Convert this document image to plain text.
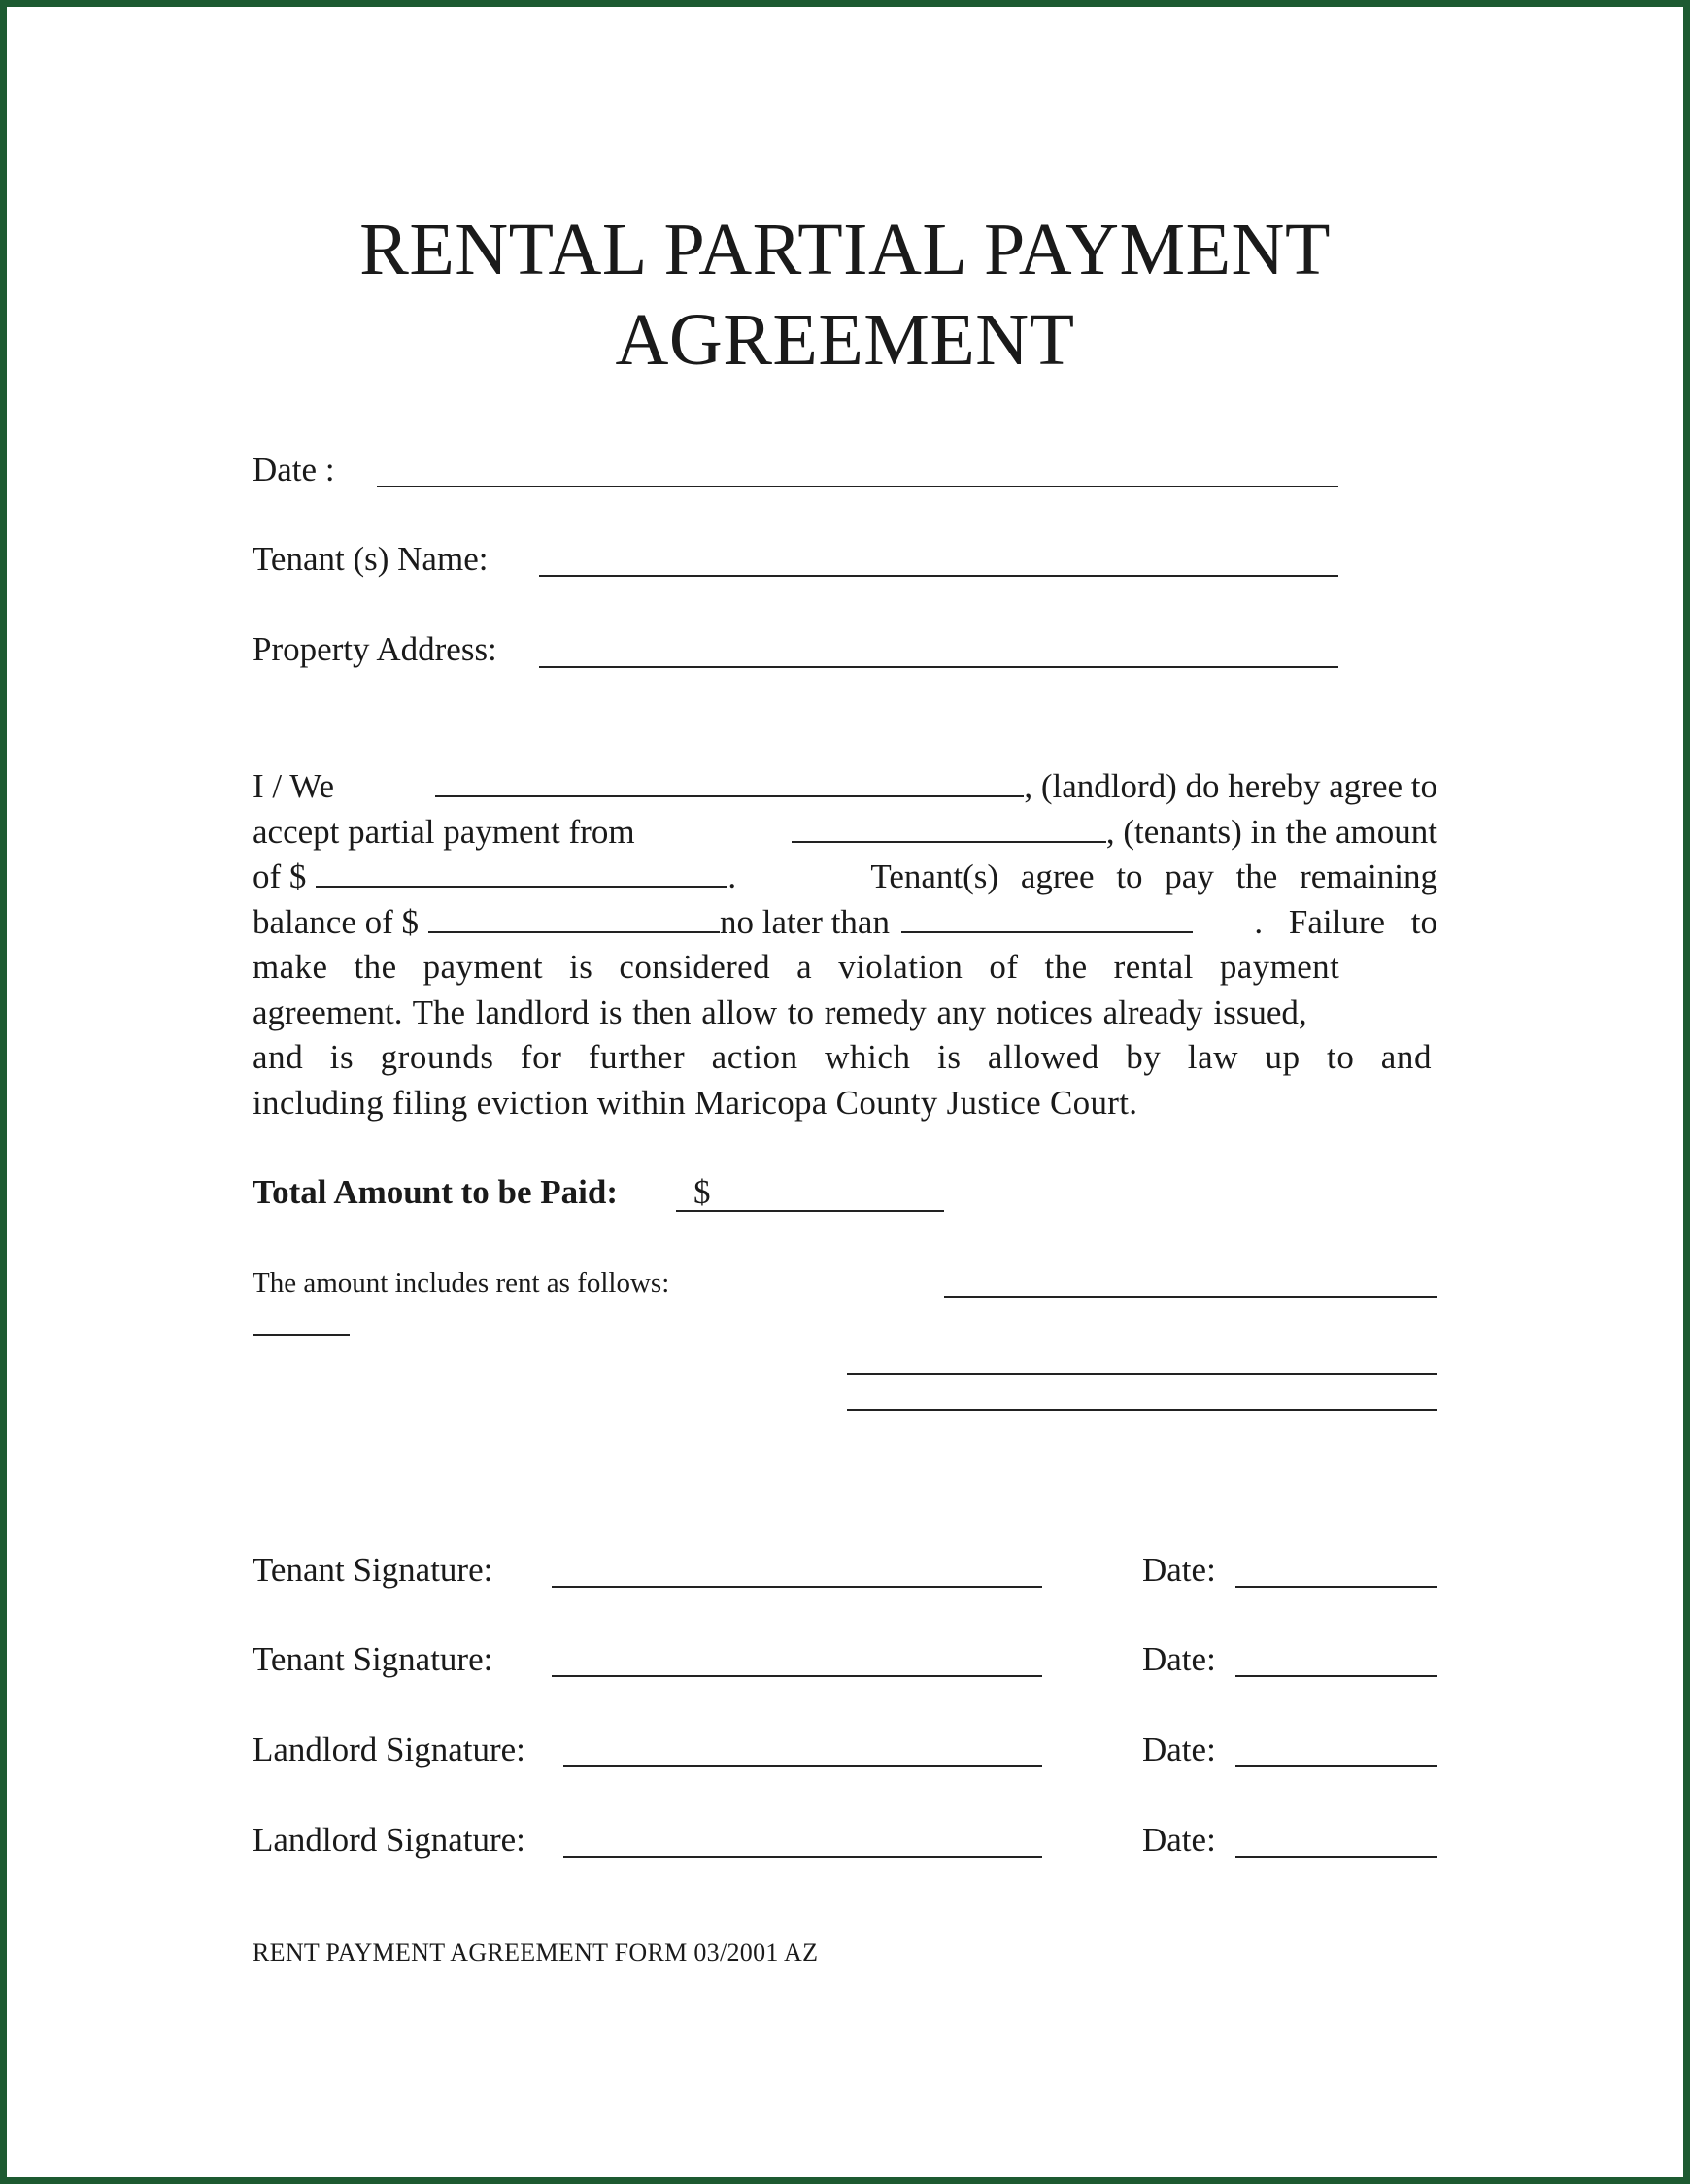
RENTAL PARTIAL PAYMENT
AGREEMENT
Date :
Tenant (s) Name:
Property Address:
I / We	, (landlord) do hereby agree to
accept partial payment from	, (tenants) in the amount
of $	.	Tenant(s) agree to pay the remaining
balance of $	no later than	. Failure to
make the payment is considered a violation of the rental payment
agreement. The landlord is then allow to remedy any notices already issued,
and is grounds for further action which is allowed by law up to and
including filing eviction within Maricopa County Justice Court.
Total Amount to be Paid: $
The amount includes rent as follows:
Tenant Signature:	Date:
Tenant Signature:	Date:
Landlord Signature:	Date:
Landlord Signature:	Date:
RENT PAYMENT AGREEMENT FORM 03/2001 AZ
